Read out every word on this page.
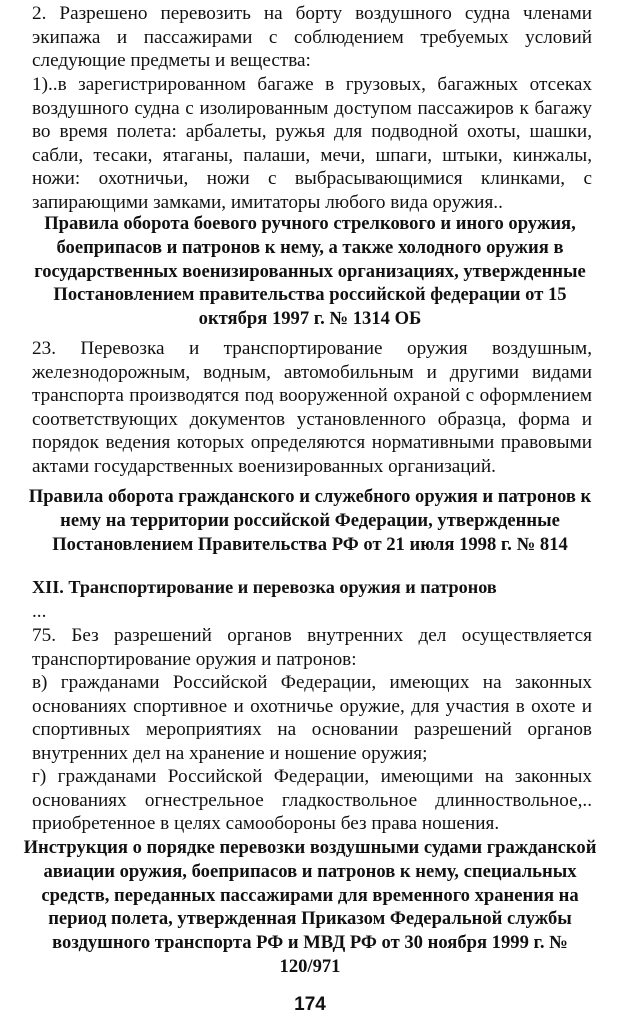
2. Разрешено перевозить на борту воздушного судна членами экипажа и пассажирами с соблюдением требуемых условий следующие предметы и вещества:

1)..в зарегистрированном багаже в грузовых, багажных отсеках воздушного судна с изолированным доступом пассажиров к багажу во время полета: арбалеты, ружья для подводной охоты, шашки, сабли, тесаки, ятаганы, палаши, мечи, шпаги, штыки, кинжалы, ножи: охотничьи, ножи с выбрасывающимися клинками, с запирающими замками, имитаторы любого вида оружия..

Правила оборота боевого ручного стрелкового и иного оружия, боеприпасов и патронов к нему, а также холодного оружия в государственных военизированных организациях, утвержденные Постановлением правительства российской федерации от 15 октября 1997 г. № 1314 ОБ

23. Перевозка и транспортирование оружия воздушным, железнодорожным, водным, автомобильным и другими видами транспорта производятся под вооруженной охраной с оформлением соответствующих документов установленного образца, форма и порядок ведения которых определяются нормативными правовыми актами государственных военизированных организаций.

Правила оборота гражданского и служебного оружия и патронов к нему на территории российской Федерации, утвержденные Постановлением Правительства РФ от 21 июля 1998 г. № 814

XII. Транспортирование и перевозка оружия и патронов

...

75. Без разрешений органов внутренних дел осуществляется транспортирование оружия и патронов:

в) гражданами Российской Федерации, имеющих на законных основаниях спортивное и охотничье оружие, для участия в охоте и спортивных мероприятиях на основании разрешений органов внутренних дел на хранение и ношение оружия;

г) гражданами Российской Федерации, имеющими на законных основаниях огнестрельное гладкоствольное длинноствольное,.. приобретенное в целях самообороны без права ношения.

Инструкция о порядке перевозки воздушными судами гражданской авиации оружия, боеприпасов и патронов к нему, специальных средств, переданных пассажирами для временного хранения на период полета, утвержденная Приказом Федеральной службы воздушного транспорта РФ и МВД РФ от 30 ноября 1999 г. № 120/971

174
